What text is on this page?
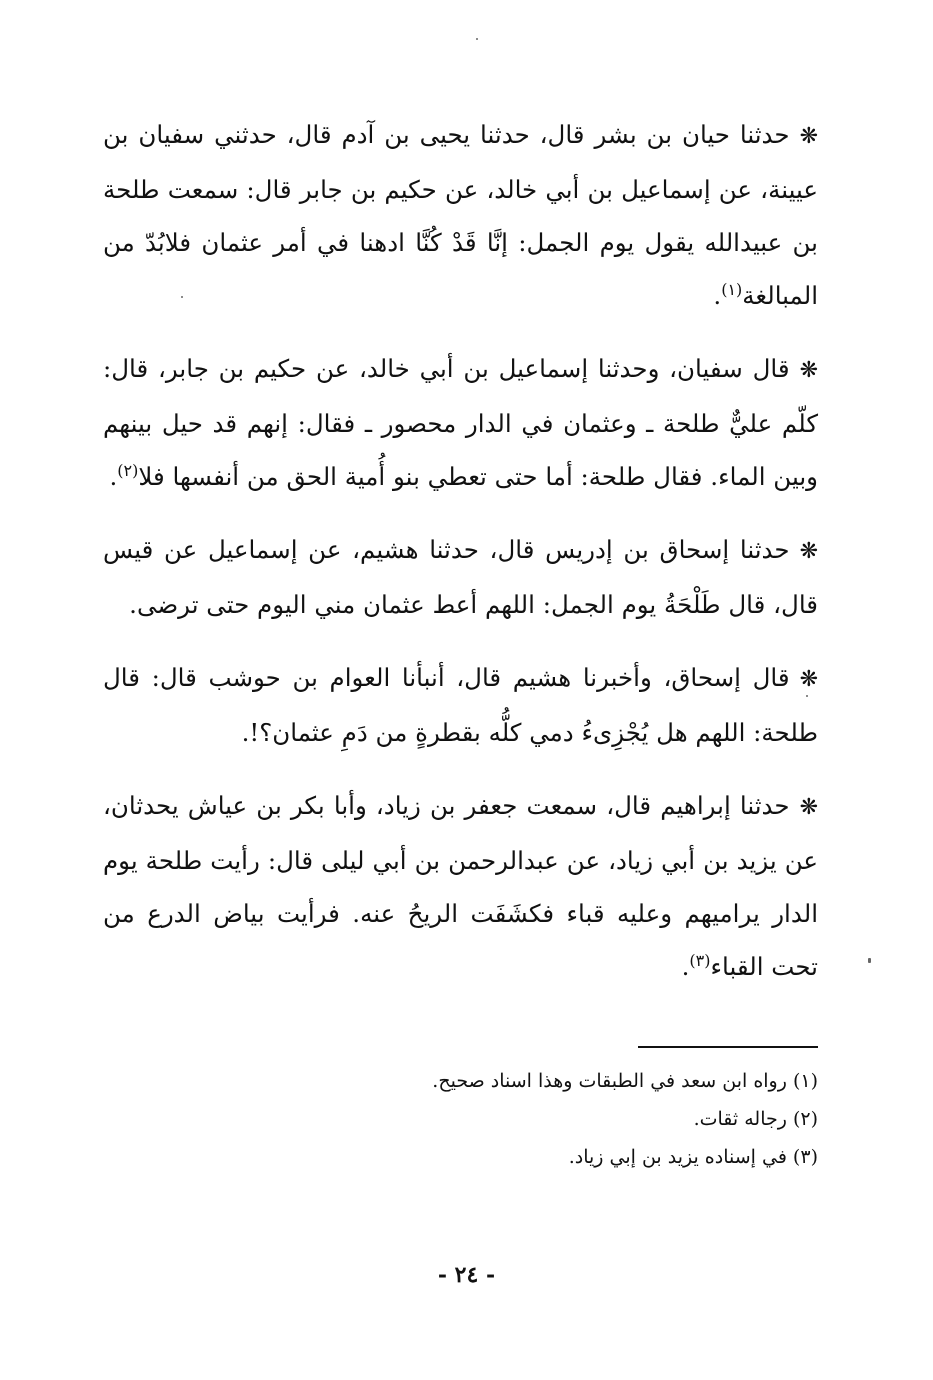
❋حدثنا حيان بن بشر قال، حدثنا يحيى بن آدم قال، حدثني سفيان بن عيينة، عن إسماعيل بن أبي خالد، عن حكيم بن جابر قال: سمعت طلحة بن عبيدالله يقول يوم الجمل: إنَّا قَدْ كُنَّا ادهنا في أمر عثمان فلابُدّ من المبالغة$^{(١)}$.

❋قال سفيان، وحدثنا إسماعيل بن أبي خالد، عن حكيم بن جابر، قال: كلّم عليٌّ طلحة ـ وعثمان في الدار محصور ـ فقال: إنهم قد حيل بينهم وبين الماء. فقال طلحة: أما حتى تعطي بنو أُمية الحق من أنفسها فلا$^{(٢)}$.

❋حدثنا إسحاق بن إدريس قال، حدثنا هشيم، عن إسماعيل عن قيس قال، قال طَلْحَةُ يوم الجمل: اللهم أعط عثمان مني اليوم حتى ترضى.

❋قال إسحاق، وأخبرنا هشيم قال، أنبأنا العوام بن حوشب قال: قال طلحة: اللهم هل يُجْزِىءُ دمي كلُّه بقطرةٍ من دَمِ عثمان؟!.

❋حدثنا إبراهيم قال، سمعت جعفر بن زياد، وأبا بكر بن عياش يحدثان، عن يزيد بن أبي زياد، عن عبدالرحمن بن أبي ليلى قال: رأيت طلحة يوم الدار يراميهم وعليه قباء فكشَفَت الريحُ عنه. فرأيت بياض الدرع من تحت القباء$^{(٣)}$.

(١) رواه ابن سعد في الطبقات وهذا اسناد صحيح.

(٢) رجاله ثقات.

(٣) في إسناده يزيد بن إبي زياد.

- ٢٤ -
